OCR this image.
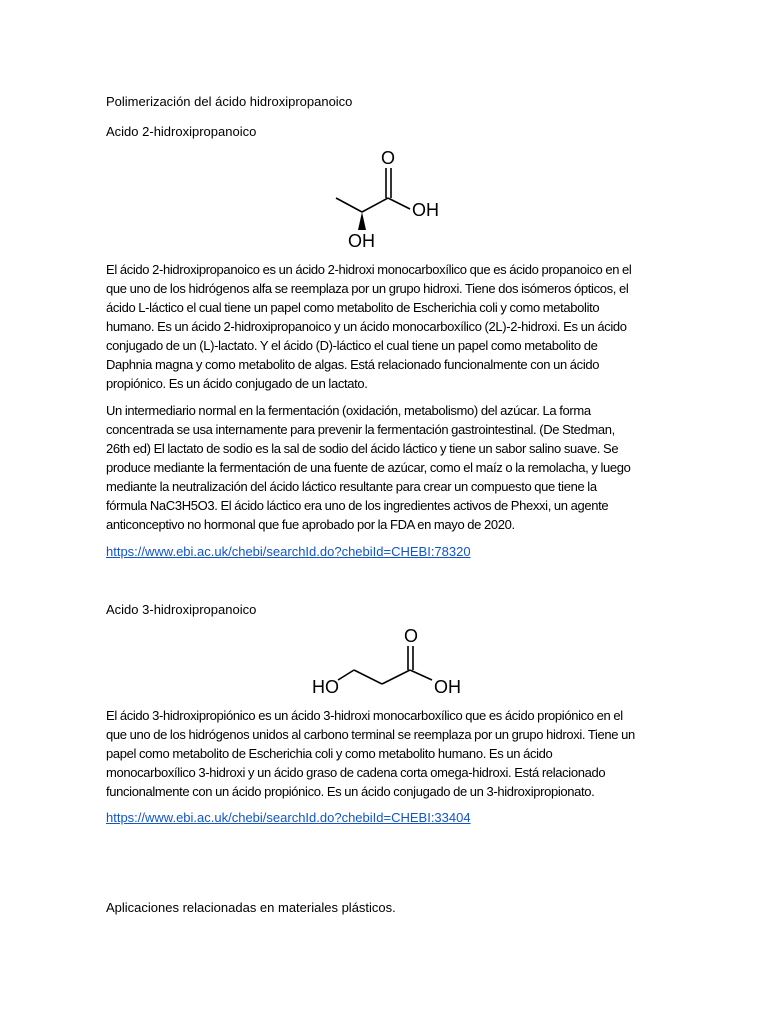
Polimerización del ácido hidroxipropanoico
Acido 2-hidroxipropanoico
O
OH
OH
El ácido 2-hidroxipropanoico es un ácido 2-hidroxi monocarboxílico que es ácido propanoico en el
que uno de los hidrógenos alfa se reemplaza por un grupo hidroxi. Tiene dos isómeros ópticos, el
ácido L-láctico el cual tiene un papel como metabolito de Escherichia coli y como metabolito
humano. Es un ácido 2-hidroxipropanoico y un ácido monocarboxílico (2L)-2-hidroxi. Es un ácido
conjugado de un (L)-lactato. Y el ácido (D)-láctico el cual tiene un papel como metabolito de
Daphnia magna y como metabolito de algas. Está relacionado funcionalmente con un ácido
propiónico. Es un ácido conjugado de un lactato.
Un intermediario normal en la fermentación (oxidación, metabolismo) del azúcar. La forma
concentrada se usa internamente para prevenir la fermentación gastrointestinal. (De Stedman,
26th ed) El lactato de sodio es la sal de sodio del ácido láctico y tiene un sabor salino suave. Se
produce mediante la fermentación de una fuente de azúcar, como el maíz o la remolacha, y luego
mediante la neutralización del ácido láctico resultante para crear un compuesto que tiene la
fórmula NaC3H5O3. El ácido láctico era uno de los ingredientes activos de Phexxi, un agente
anticonceptivo no hormonal que fue aprobado por la FDA en mayo de 2020.
https://www.ebi.ac.uk/chebi/searchId.do?chebiId=CHEBI:78320
Acido 3-hidroxipropanoico
O
HO	OH
El ácido 3-hidroxipropiónico es un ácido 3-hidroxi monocarboxílico que es ácido propiónico en el
que uno de los hidrógenos unidos al carbono terminal se reemplaza por un grupo hidroxi. Tiene un
papel como metabolito de Escherichia coli y como metabolito humano. Es un ácido
monocarboxílico 3-hidroxi y un ácido graso de cadena corta omega-hidroxi. Está relacionado
funcionalmente con un ácido propiónico. Es un ácido conjugado de un 3-hidroxipropionato.
https://www.ebi.ac.uk/chebi/searchId.do?chebiId=CHEBI:33404
Aplicaciones relacionadas en materiales plásticos.
